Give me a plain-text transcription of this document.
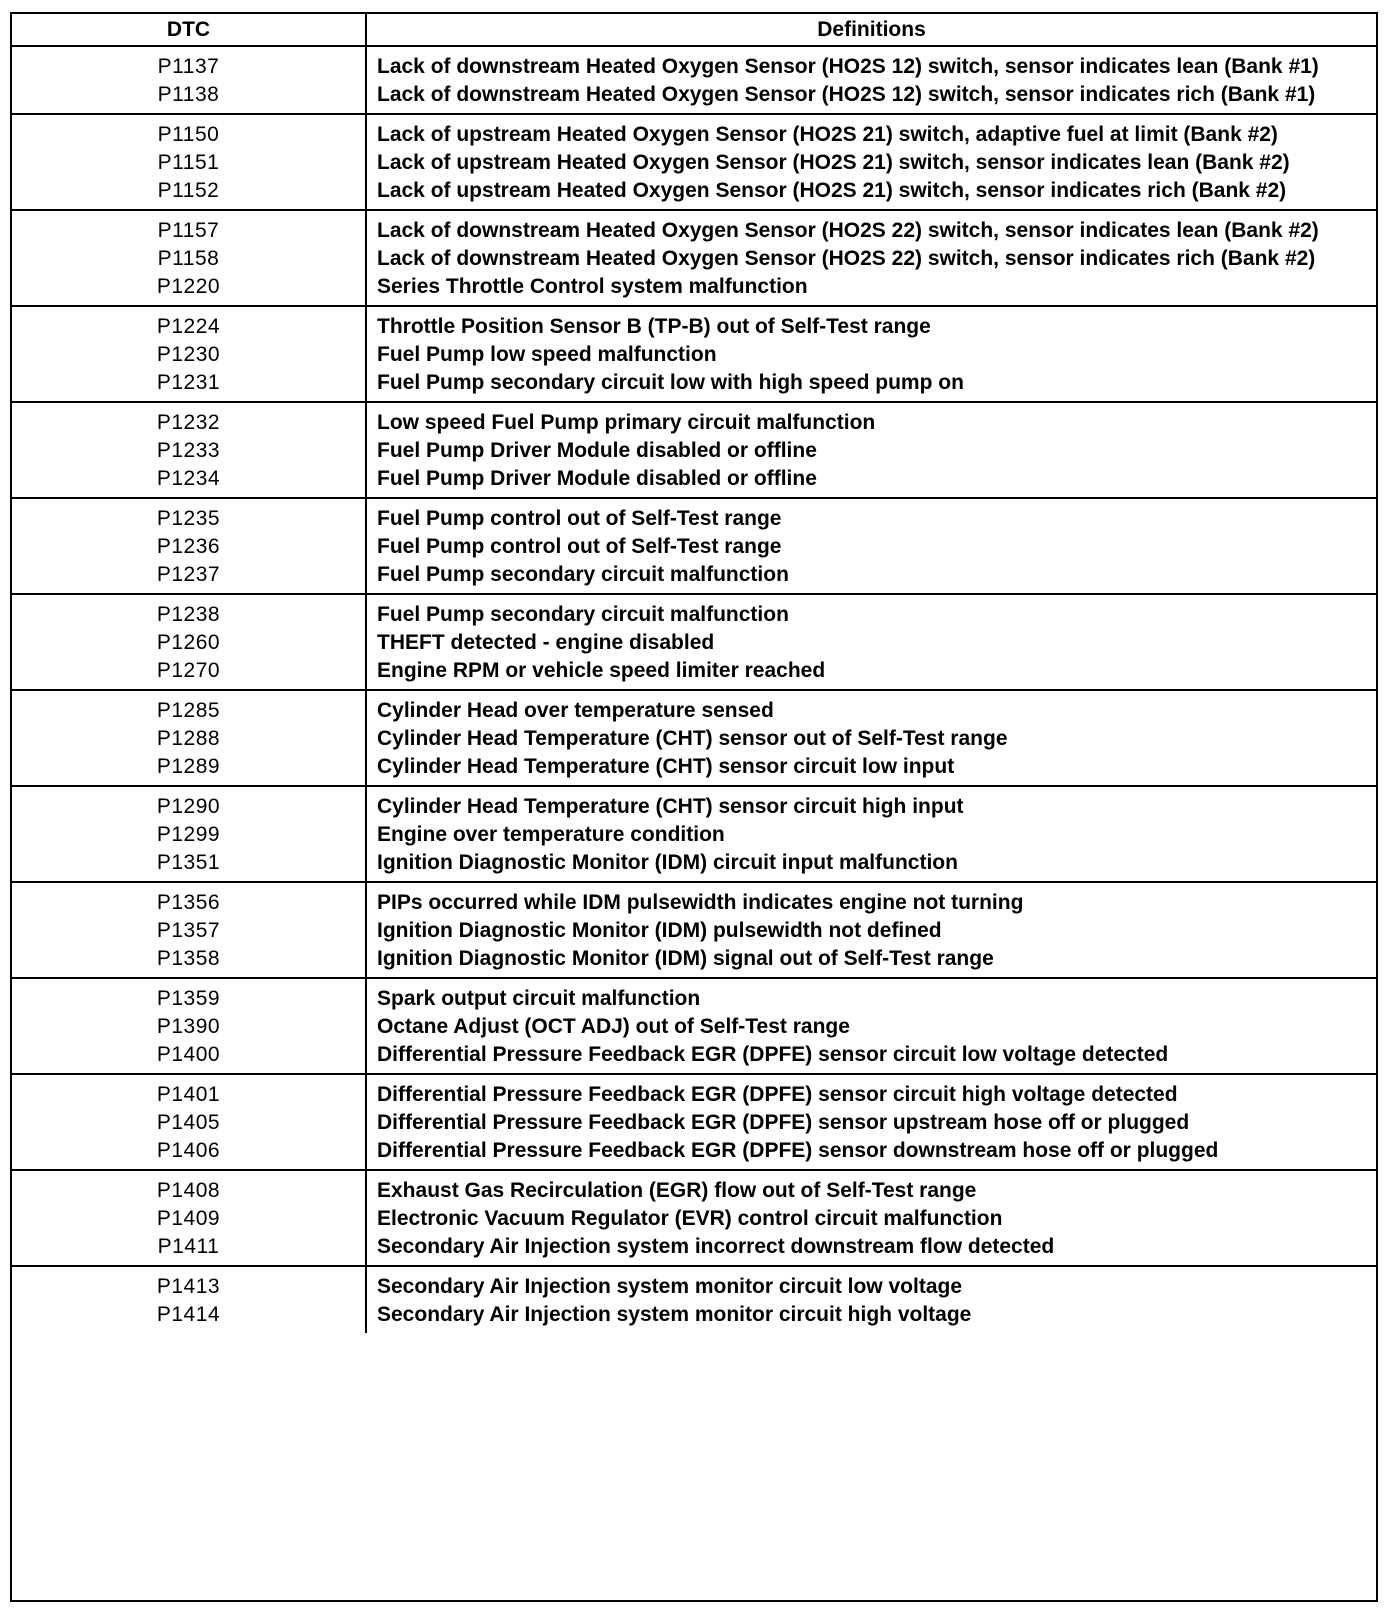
DTC	Definitions
P1137
P1138
Lack of downstream Heated Oxygen Sensor (HO2S 12) switch, sensor indicates lean (Bank #1)
Lack of downstream Heated Oxygen Sensor (HO2S 12) switch, sensor indicates rich (Bank #1)
P1150
P1151
P1152
Lack of upstream Heated Oxygen Sensor (HO2S 21) switch, adaptive fuel at limit (Bank #2)
Lack of upstream Heated Oxygen Sensor (HO2S 21) switch, sensor indicates lean (Bank #2)
Lack of upstream Heated Oxygen Sensor (HO2S 21) switch, sensor indicates rich (Bank #2)
P1157
P1158
P1220
Lack of downstream Heated Oxygen Sensor (HO2S 22) switch, sensor indicates lean (Bank #2)
Lack of downstream Heated Oxygen Sensor (HO2S 22) switch, sensor indicates rich (Bank #2)
Series Throttle Control system malfunction
P1224
P1230
P1231
Throttle Position Sensor B (TP-B) out of Self-Test range
Fuel Pump low speed malfunction
Fuel Pump secondary circuit low with high speed pump on
P1232
P1233
P1234
Low speed Fuel Pump primary circuit malfunction
Fuel Pump Driver Module disabled or offline
Fuel Pump Driver Module disabled or offline
P1235
P1236
P1237
Fuel Pump control out of Self-Test range
Fuel Pump control out of Self-Test range
Fuel Pump secondary circuit malfunction
P1238
P1260
P1270
Fuel Pump secondary circuit malfunction
THEFT detected - engine disabled
Engine RPM or vehicle speed limiter reached
P1285
P1288
P1289
Cylinder Head over temperature sensed
Cylinder Head Temperature (CHT) sensor out of Self-Test range
Cylinder Head Temperature (CHT) sensor circuit low input
P1290
P1299
P1351
Cylinder Head Temperature (CHT) sensor circuit high input
Engine over temperature condition
Ignition Diagnostic Monitor (IDM) circuit input malfunction
P1356
P1357
P1358
PIPs occurred while IDM pulsewidth indicates engine not turning
Ignition Diagnostic Monitor (IDM) pulsewidth not defined
Ignition Diagnostic Monitor (IDM) signal out of Self-Test range
P1359
P1390
P1400
Spark output circuit malfunction
Octane Adjust (OCT ADJ) out of Self-Test range
Differential Pressure Feedback EGR (DPFE) sensor circuit low voltage detected
P1401
P1405
P1406
Differential Pressure Feedback EGR (DPFE) sensor circuit high voltage detected
Differential Pressure Feedback EGR (DPFE) sensor upstream hose off or plugged
Differential Pressure Feedback EGR (DPFE) sensor downstream hose off or plugged
P1408
P1409
P1411
Exhaust Gas Recirculation (EGR) flow out of Self-Test range
Electronic Vacuum Regulator (EVR) control circuit malfunction
Secondary Air Injection system incorrect downstream flow detected
P1413
P1414
Secondary Air Injection system monitor circuit low voltage
Secondary Air Injection system monitor circuit high voltage
